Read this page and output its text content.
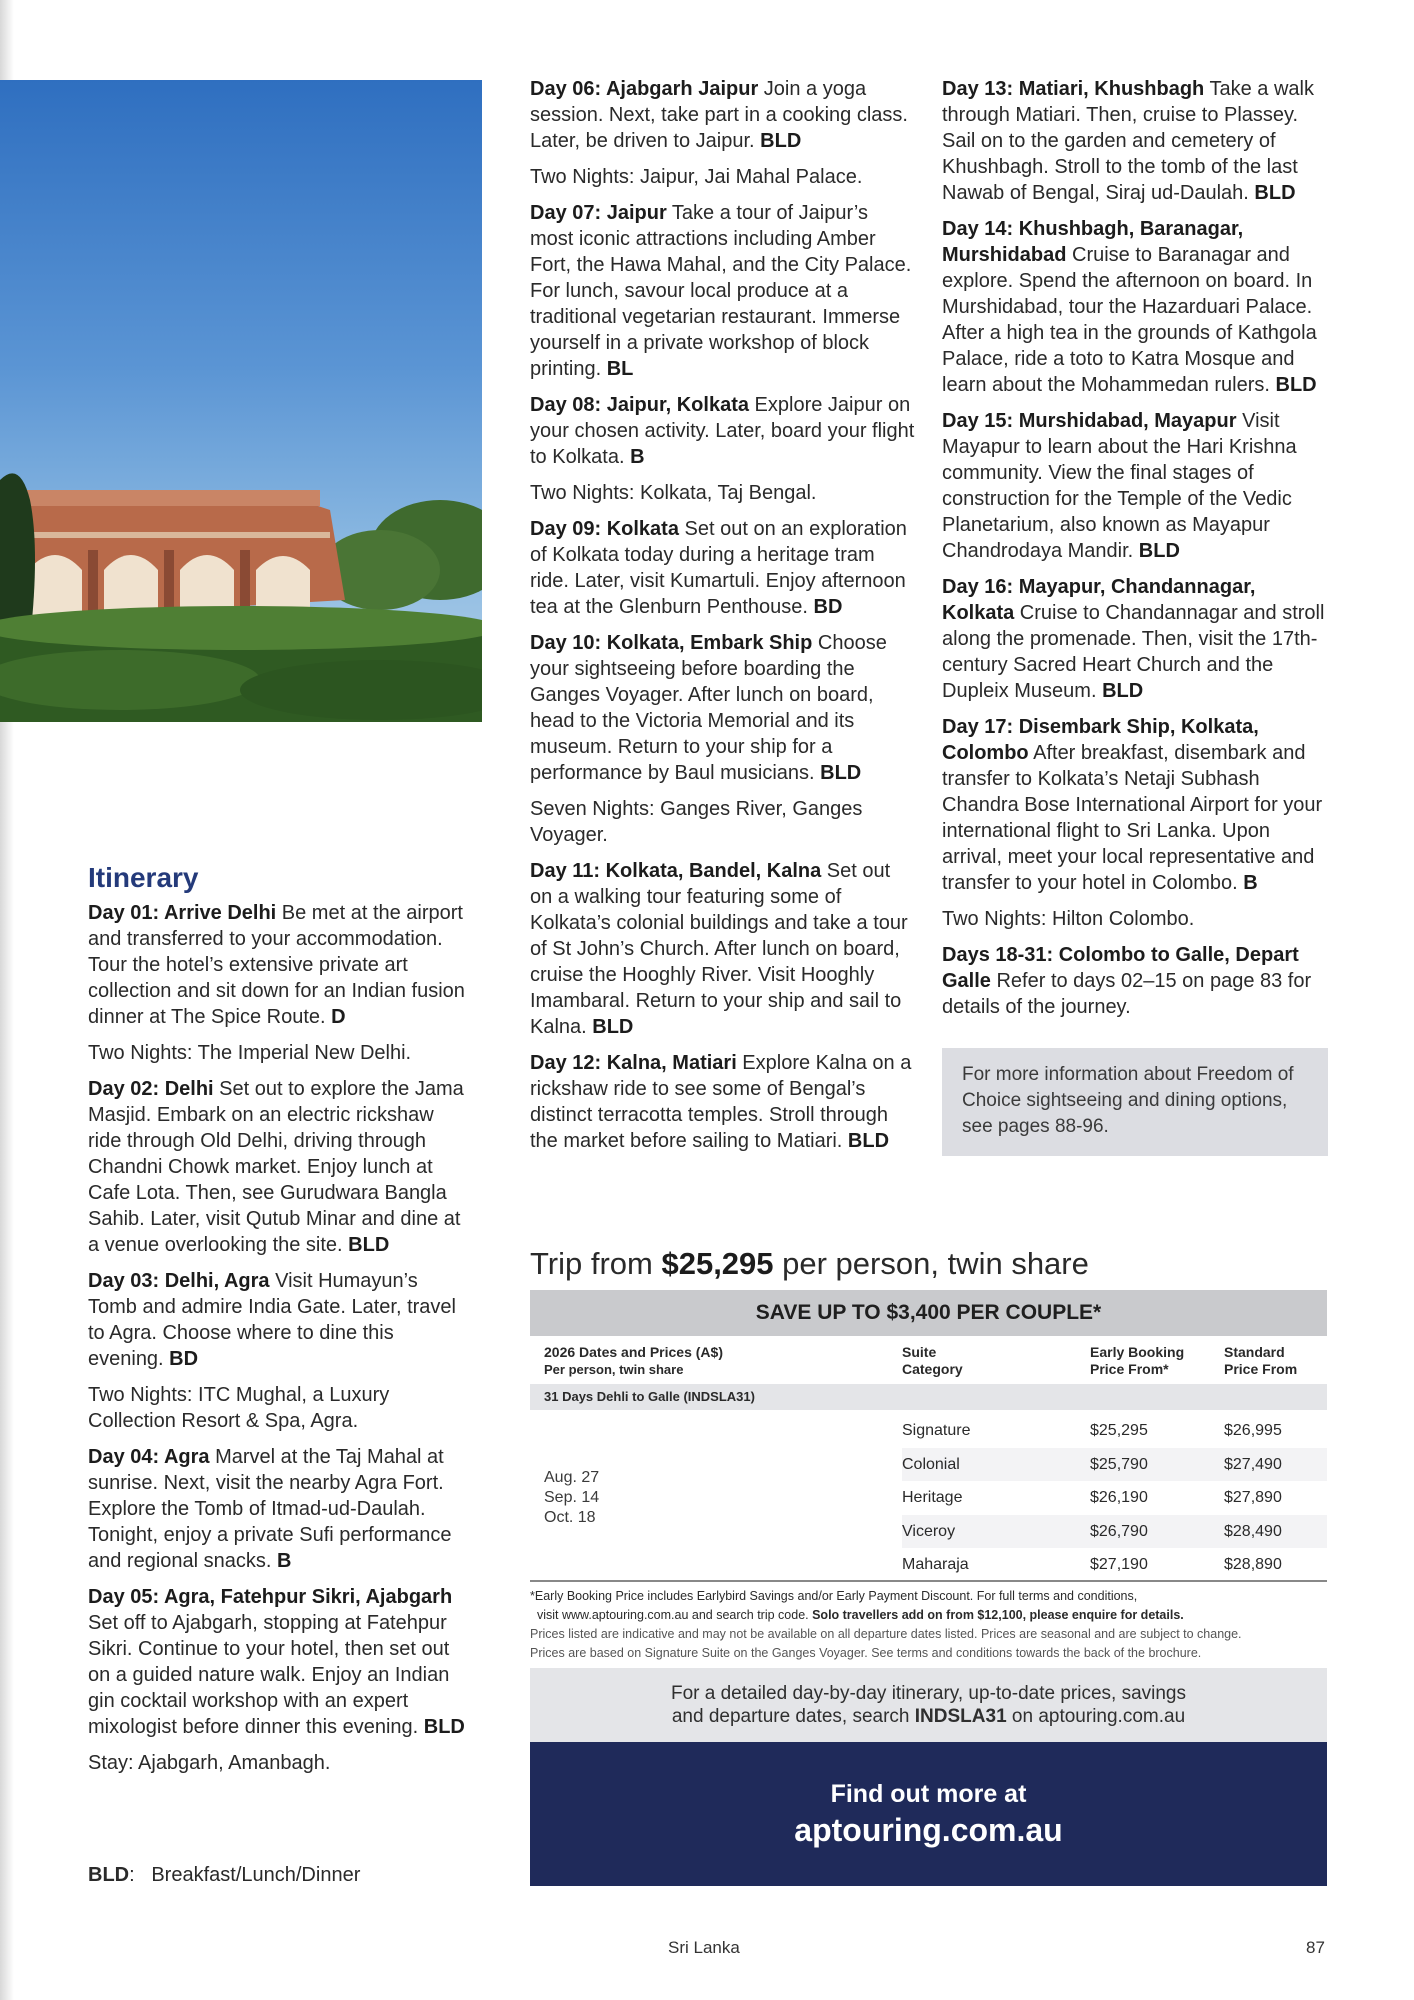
Itinerary

Day 01: Arrive Delhi Be met at the airport and transferred to your accommodation. Tour the hotel’s extensive private art collection and sit down for an Indian fusion dinner at The Spice Route. D

Two Nights: The Imperial New Delhi.

Day 02: Delhi Set out to explore the Jama Masjid. Embark on an electric rickshaw ride through Old Delhi, driving through Chandni Chowk market. Enjoy lunch at Cafe Lota. Then, see Gurudwara Bangla Sahib. Later, visit Qutub Minar and dine at a venue overlooking the site. BLD

Day 03: Delhi, Agra Visit Humayun’s Tomb and admire India Gate. Later, travel to Agra. Choose where to dine this evening. BD

Two Nights: ITC Mughal, a Luxury Collection Resort & Spa, Agra.

Day 04: Agra Marvel at the Taj Mahal at sunrise. Next, visit the nearby Agra Fort. Explore the Tomb of Itmad-ud-Daulah. Tonight, enjoy a private Sufi performance and regional snacks. B

Day 05: Agra, Fatehpur Sikri, Ajabgarh Set off to Ajabgarh, stopping at Fatehpur Sikri. Continue to your hotel, then set out on a guided nature walk. Enjoy an Indian gin cocktail workshop with an expert mixologist before dinner this evening. BLD

Stay: Ajabgarh, Amanbagh.

Day 06: Ajabgarh Jaipur Join a yoga session. Next, take part in a cooking class. Later, be driven to Jaipur. BLD

Two Nights: Jaipur, Jai Mahal Palace.

Day 07: Jaipur Take a tour of Jaipur’s most iconic attractions including Amber Fort, the Hawa Mahal, and the City Palace. For lunch, savour local produce at a traditional vegetarian restaurant. Immerse yourself in a private workshop of block printing. BL

Day 08: Jaipur, Kolkata Explore Jaipur on your chosen activity. Later, board your flight to Kolkata. B

Two Nights: Kolkata, Taj Bengal.

Day 09: Kolkata Set out on an exploration of Kolkata today during a heritage tram ride. Later, visit Kumartuli. Enjoy afternoon tea at the Glenburn Penthouse. BD

Day 10: Kolkata, Embark Ship Choose your sightseeing before boarding the Ganges Voyager. After lunch on board, head to the Victoria Memorial and its museum. Return to your ship for a performance by Baul musicians. BLD

Seven Nights: Ganges River, Ganges Voyager.

Day 11: Kolkata, Bandel, Kalna Set out on a walking tour featuring some of Kolkata’s colonial buildings and take a tour of St John’s Church. After lunch on board, cruise the Hooghly River. Visit Hooghly Imambaral. Return to your ship and sail to Kalna. BLD

Day 12: Kalna, Matiari Explore Kalna on a rickshaw ride to see some of Bengal’s distinct terracotta temples. Stroll through the market before sailing to Matiari. BLD

Day 13: Matiari, Khushbagh Take a walk through Matiari. Then, cruise to Plassey. Sail on to the garden and cemetery of Khushbagh. Stroll to the tomb of the last Nawab of Bengal, Siraj ud-Daulah. BLD

Day 14: Khushbagh, Baranagar, Murshidabad Cruise to Baranagar and explore. Spend the afternoon on board. In Murshidabad, tour the Hazarduari Palace. After a high tea in the grounds of Kathgola Palace, ride a toto to Katra Mosque and learn about the Mohammedan rulers. BLD

Day 15: Murshidabad, Mayapur Visit Mayapur to learn about the Hari Krishna community. View the final stages of construction for the Temple of the Vedic Planetarium, also known as Mayapur Chandrodaya Mandir. BLD

Day 16: Mayapur, Chandannagar, Kolkata Cruise to Chandannagar and stroll along the promenade. Then, visit the 17th-century Sacred Heart Church and the Dupleix Museum. BLD

Day 17: Disembark Ship, Kolkata, Colombo After breakfast, disembark and transfer to Kolkata’s Netaji Subhash Chandra Bose International Airport for your international flight to Sri Lanka. Upon arrival, meet your local representative and transfer to your hotel in Colombo. B

Two Nights: Hilton Colombo.

Days 18-31: Colombo to Galle, Depart Galle Refer to days 02–15 on page 83 for details of the journey.

For more information about Freedom of Choice sightseeing and dining options, see pages 88-96.
BLD: Breakfast/Lunch/Dinner
Trip from $25,295 per person, twin share
SAVE UP TO $3,400 PER COUPLE*
2026 Dates and Prices (A$)
Per person, twin share
Suite
Category
Early Booking
Price From*
Standard
Price From
31 Days Dehli to Galle (INDSLA31)
Aug. 27
Sep. 14
Oct. 18
Signature	$25,295	$26,995
Colonial	$25,790	$27,490
Heritage	$26,190	$27,890
Viceroy	$26,790	$28,490
Maharaja	$27,190	$28,890
*Early Booking Price includes Earlybird Savings and/or Early Payment Discount. For full terms and conditions,
visit www.aptouring.com.au and search trip code. Solo travellers add on from $12,100, please enquire for details.
Prices listed are indicative and may not be available on all departure dates listed. Prices are seasonal and are subject to change.
Prices are based on Signature Suite on the Ganges Voyager. See terms and conditions towards the back of the brochure.
For a detailed day-by-day itinerary, up-to-date prices, savings
and departure dates, search INDSLA31 on aptouring.com.au
Find out more at
aptouring.com.au
Sri Lanka	87
